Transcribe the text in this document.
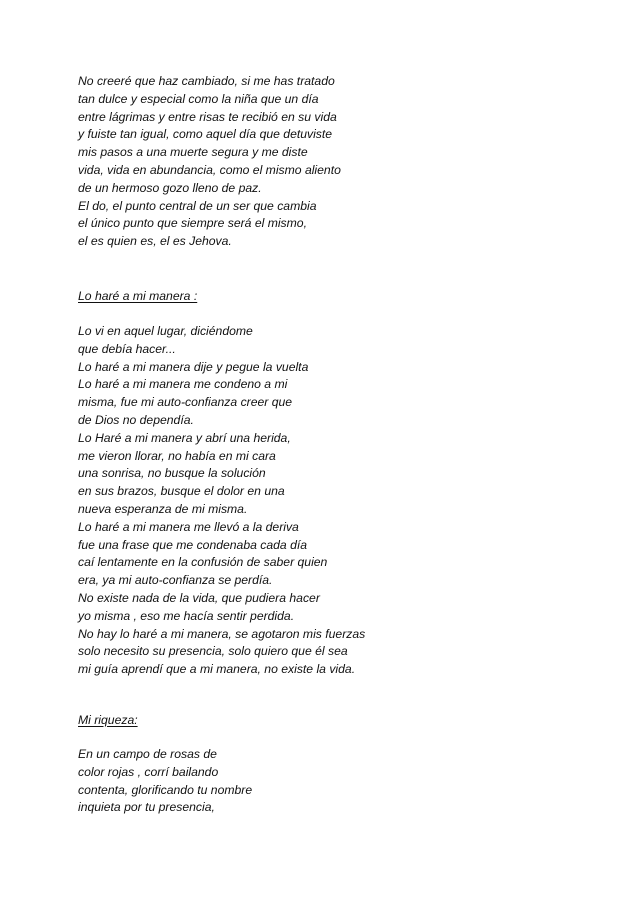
No creeré que haz cambiado, si me has tratado
tan dulce y especial como la niña que un día
entre lágrimas y entre risas te recibió en su vida
y fuiste tan igual, como aquel día que detuviste
mis pasos a una muerte segura y me diste
vida, vida en abundancia, como el mismo aliento
de un hermoso gozo lleno de paz.
El do, el punto central de un ser que cambia
el único punto que siempre será el mismo,
el es quien es, el es Jehova.
Lo haré a mi manera :
Lo vi en aquel lugar, diciéndome
que debía hacer...
Lo haré a mi manera dije y pegue la vuelta
Lo haré a mi manera me condeno a mi
misma, fue mi auto-confianza creer que
de Dios no dependía.
Lo Haré a mi manera y abrí una herida,
me vieron llorar, no había en mi cara
una sonrisa, no busque la solución
en sus brazos, busque el dolor en una
nueva esperanza de mi misma.
Lo haré a mi manera me llevó a la deriva
fue una frase que me condenaba cada día
caí lentamente en la confusión de saber quien
era, ya mi auto-confianza se perdía.
No existe nada de la vida, que pudiera hacer
yo misma , eso me hacía sentir perdida.
No hay lo haré a mi manera, se agotaron mis fuerzas
solo necesito su presencia, solo quiero que él sea
mi guía aprendí que a mi manera, no existe la vida.
Mi riqueza:
En un campo de rosas de
color rojas , corrí bailando
contenta, glorificando tu nombre
inquieta por tu presencia,
